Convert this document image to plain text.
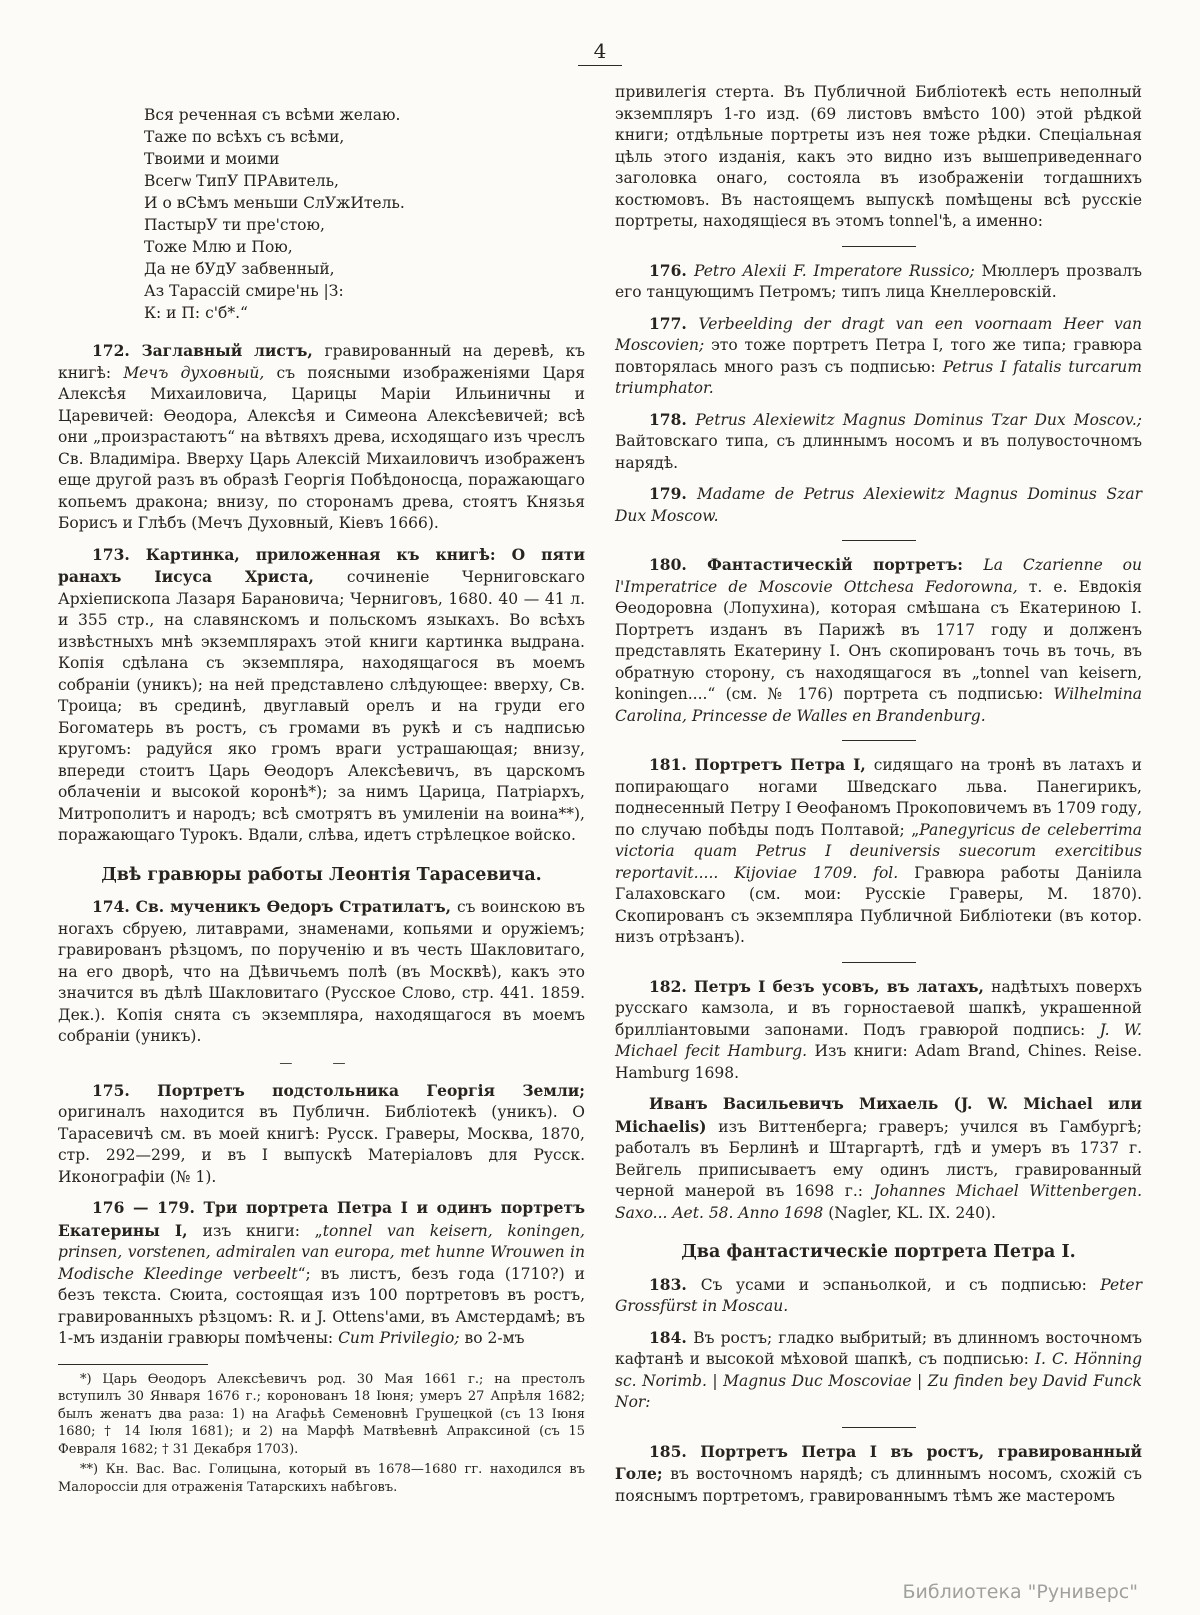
4
Вся реченная съ всѣми желаю.
Таже по всѣхъ съ всѣми,
Твоими и моими
Всегѡ ТипУ ПРАвитель,
И о вСѣмъ меньши СлУжИтель.
ПастырУ ти пре'стою,
Тоже Млю и Пою,
Да не бУдУ забвенный,
Аз Тарассій смире'нь |З:
К: и П: с'б*.“
172. Заглавный листъ, гравированный на деревѣ, къ книгѣ: Мечъ духовный, съ поясными изображеніями Царя Алексѣя Михаиловича, Царицы Маріи Ильиничны и Царевичей: Ѳеодора, Алексѣя и Симеона Алексѣевичей; всѣ они „произрастаютъ“ на вѣтвяхъ древа, исходящаго изъ чреслъ Св. Владиміра. Вверху Царь Алексій Михаиловичъ изображенъ еще другой разъ въ образѣ Георгія Побѣдоносца, поражающаго копьемъ дракона; внизу, по сторонамъ древа, стоятъ Князья Борисъ и Глѣбъ (Мечъ Духовный, Кіевъ 1666).
173. Картинка, приложенная къ книгѣ: О пяти ранахъ Іисуса Христа, сочиненіе Черниговскаго Архіепископа Лазаря Барановича; Черниговъ, 1680. 40 — 41 л. и 355 стр., на славянскомъ и польскомъ языкахъ. Во всѣхъ извѣстныхъ мнѣ экземплярахъ этой книги картинка выдрана. Копія сдѣлана съ экземпляра, находящагося въ моемъ собраніи (уникъ); на ней представлено слѣдующее: вверху, Св. Троица; въ срединѣ, двуглавый орелъ и на груди его Богоматерь въ ростъ, съ громами въ рукѣ и съ надписью кругомъ: радуйся яко громъ враги устрашающая; внизу, впереди стоитъ Царь Ѳеодоръ Алексѣевичъ, въ царскомъ облаченіи и высокой коронѣ*); за нимъ Царица, Патріархъ, Митрополитъ и народъ; всѣ смотрятъ въ умиленіи на воина**), поражающаго Турокъ. Вдали, слѣва, идетъ стрѣлецкое войско.
Двѣ гравюры работы Леонтія Тарасевича.
174. Св. мученикъ Ѳедоръ Стратилатъ, съ воинскою въ ногахъ сбруею, литаврами, знаменами, копьями и оружіемъ; гравированъ рѣзцомъ, по порученію и въ честь Шакловитаго, на его дворѣ, что на Дѣвичьемъ полѣ (въ Москвѣ), какъ это значится въ дѣлѣ Шакловитаго (Русское Слово, стр. 441. 1859. Дек.). Копія снята съ экземпляра, находящагося въ моемъ собраніи (уникъ).
— —
175. Портретъ подстольника Георгія Земли; оригиналъ находится въ Публичн. Библіотекѣ (уникъ). О Тарасевичѣ см. въ моей книгѣ: Русск. Граверы, Москва, 1870, стр. 292—299, и въ I выпускѣ Матеріаловъ для Русск. Иконографіи (№ 1).
176 — 179. Три портрета Петра I и одинъ портретъ Екатерины I, изъ книги: „tonnel van keisern, koningen, prinsen, vorstenen, admiralen van europa, met hunne Wrouwen in Modische Kleedinge verbeelt“; въ листъ, безъ года (1710?) и безъ текста. Сюита, состоящая изъ 100 портретовъ въ ростъ, гравированныхъ рѣзцомъ: R. и J. Ottens'ами, въ Амстердамѣ; въ 1-мъ изданіи гравюры помѣчены: Cum Privilegio; во 2-мъ
*) Царь Ѳеодоръ Алексѣевичъ род. 30 Мая 1661 г.; на престолъ вступилъ 30 Января 1676 г.; коронованъ 18 Іюня; умеръ 27 Апрѣля 1682; былъ женатъ два раза: 1) на Агафьѣ Семеновнѣ Грушецкой (съ 13 Іюня 1680; † 14 Іюля 1681); и 2) на Марфѣ Матвѣевнѣ Апраксиной (съ 15 Февраля 1682; † 31 Декабря 1703).
**) Кн. Вас. Вас. Голицына, который въ 1678—1680 гг. находился въ Малороссіи для отраженія Татарскихъ набѣговъ.
привилегія стерта. Въ Публичной Библіотекѣ есть неполный экземпляръ 1-го изд. (69 листовъ вмѣсто 100) этой рѣдкой книги; отдѣльные портреты изъ нея тоже рѣдки. Спеціальная цѣль этого изданія, какъ это видно изъ вышеприведеннаго заголовка онаго, состояла въ изображеніи тогдашнихъ костюмовъ. Въ настоящемъ выпускѣ помѣщены всѣ русскіе портреты, находящіеся въ этомъ tonnel'ѣ, а именно:
176. Petro Alexii F. Imperatore Russico; Мюллеръ прозвалъ его танцующимъ Петромъ; типъ лица Кнеллеровскій.
177. Verbeelding der dragt van een voornaam Heer van Moscovien; это тоже портретъ Петра I, того же типа; гравюра повторялась много разъ съ подписью: Petrus I fatalis turcarum triumphator.
178. Petrus Alexiewitz Magnus Dominus Tzar Dux Moscov.; Вайтовскаго типа, съ длиннымъ носомъ и въ полувосточномъ нарядѣ.
179. Madame de Petrus Alexiewitz Magnus Dominus Szar Dux Moscow.
180. Фантастическій портретъ: La Czarienne ou l'Imperatrice de Moscovie Ottchesa Fedorowna, т. е. Евдокія Ѳеодоровна (Лопухина), которая смѣшана съ Екатериною I. Портретъ изданъ въ Парижѣ въ 1717 году и долженъ представлять Екатерину I. Онъ скопированъ точь въ точь, въ обратную сторону, съ находящагося въ „tonnel van keisern, koningen....“ (см. № 176) портрета съ подписью: Wilhelmina Carolina, Princesse de Walles en Brandenburg.
181. Портретъ Петра I, сидящаго на тронѣ въ латахъ и попирающаго ногами Шведскаго льва. Панегирикъ, поднесенный Петру I Ѳеофаномъ Прокоповичемъ въ 1709 году, по случаю побѣды подъ Полтавой; „Panegyricus de celeberrima victoria quam Petrus I deuniversis suecorum exercitibus reportavit..... Kijoviae 1709. fol. Гравюра работы Даніила Галаховскаго (см. мои: Русскіе Граверы, М. 1870). Скопированъ съ экземпляра Публичной Библіотеки (въ котор. низъ отрѣзанъ).
182. Петръ I безъ усовъ, въ латахъ, надѣтыхъ поверхъ русскаго камзола, и въ горностаевой шапкѣ, украшенной брилліантовыми запонами. Подъ гравюрой подпись: J. W. Michael fecit Hamburg. Изъ книги: Adam Brand, Chines. Reise. Hamburg 1698.
Иванъ Васильевичъ Михаель (J. W. Michael или Michaelis) изъ Виттенберга; граверъ; учился въ Гамбургѣ; работалъ въ Берлинѣ и Штаргартѣ, гдѣ и умеръ въ 1737 г. Вейгель приписываетъ ему одинъ листъ, гравированный черной манерой въ 1698 г.: Johannes Michael Wittenbergen. Saxo... Aet. 58. Anno 1698 (Nagler, KL. IX. 240).
Два фантастическіе портрета Петра I.
183. Съ усами и эспаньолкой, и съ подписью: Peter Grossfürst in Moscau.
184. Въ ростъ; гладко выбритый; въ длинномъ восточномъ кафтанѣ и высокой мѣховой шапкѣ, съ подписью: I. C. Hönning sc. Norimb. | Magnus Duc Moscoviae | Zu finden bey David Funck Nor:
185. Портретъ Петра I въ ростъ, гравированный Голе; въ восточномъ нарядѣ; съ длиннымъ носомъ, схожій съ пояснымъ портретомъ, гравированнымъ тѣмъ же мастеромъ
Библиотека "Руниверс"
